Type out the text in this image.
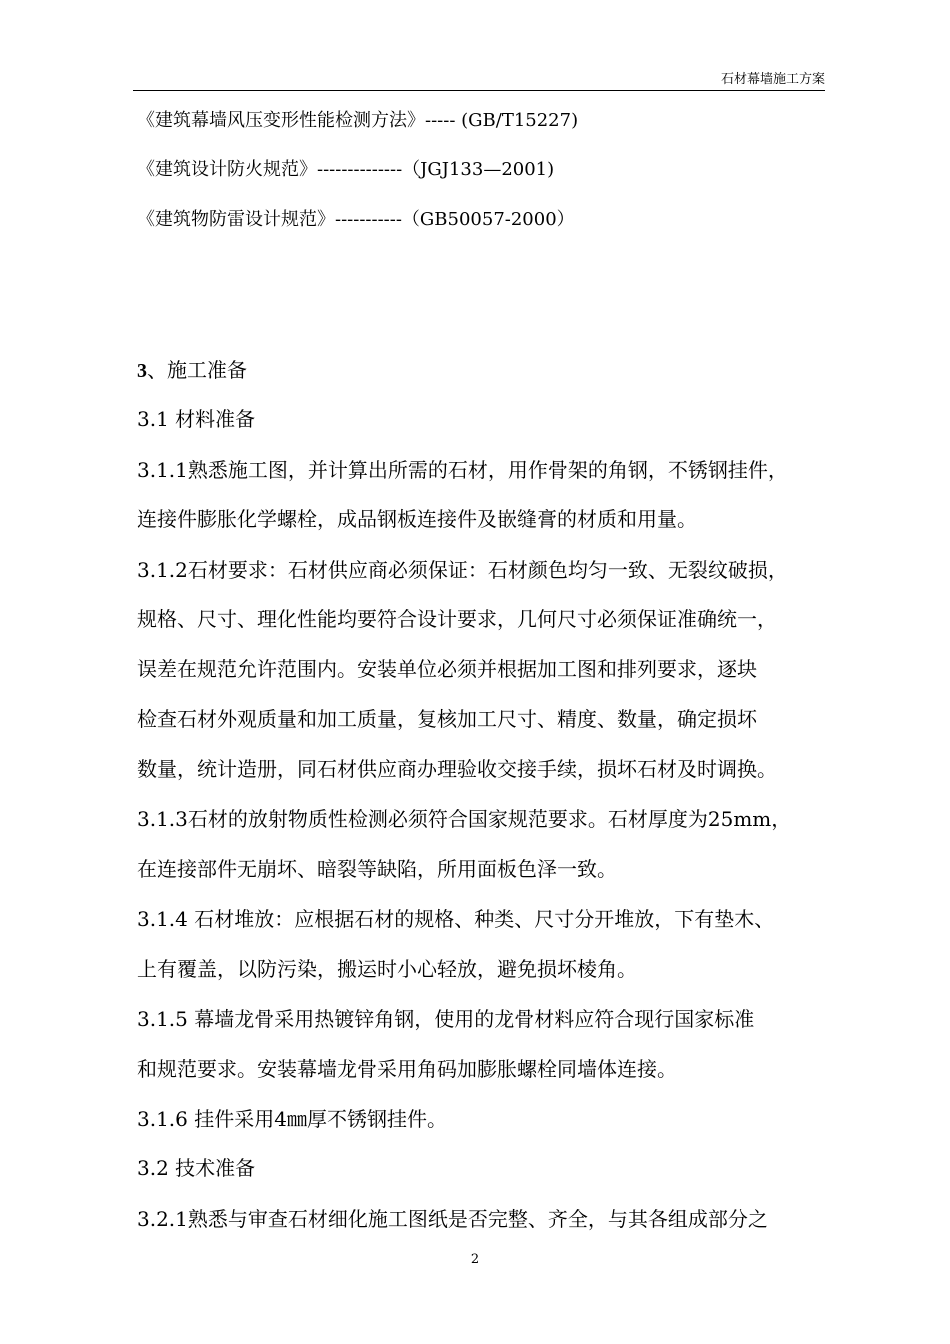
石材幕墙施工方案
《建筑幕墙风压变形性能检测方法》----- (GB/T15227)
《建筑设计防火规范》--------------（JGJ133—2001)
《建筑物防雷设计规范》-----------（GB50057-2000）
3、施工准备
3.1 材料准备
3.1.1熟悉施工图，并计算出所需的石材，用作骨架的角钢，不锈钢挂件，
连接件膨胀化学螺栓，成品钢板连接件及嵌缝膏的材质和用量。
3.1.2石材要求：石材供应商必须保证：石材颜色均匀一致、无裂纹破损，
规格、尺寸、理化性能均要符合设计要求，几何尺寸必须保证准确统一，
误差在规范允许范围内。安装单位必须并根据加工图和排列要求，逐块
检查石材外观质量和加工质量，复核加工尺寸、精度、数量，确定损坏
数量，统计造册，同石材供应商办理验收交接手续，损坏石材及时调换。
3.1.3石材的放射物质性检测必须符合国家规范要求。石材厚度为25mm，
在连接部件无崩坏、暗裂等缺陷，所用面板色泽一致。
3.1.4 石材堆放：应根据石材的规格、种类、尺寸分开堆放，下有垫木、
上有覆盖，以防污染，搬运时小心轻放，避免损坏棱角。
3.1.5 幕墙龙骨采用热镀锌角钢，使用的龙骨材料应符合现行国家标准
和规范要求。安装幕墙龙骨采用角码加膨胀螺栓同墙体连接。
3.1.6 挂件采用4㎜厚不锈钢挂件。
3.2 技术准备
3.2.1熟悉与审查石材细化施工图纸是否完整、齐全，与其各组成部分之
2
